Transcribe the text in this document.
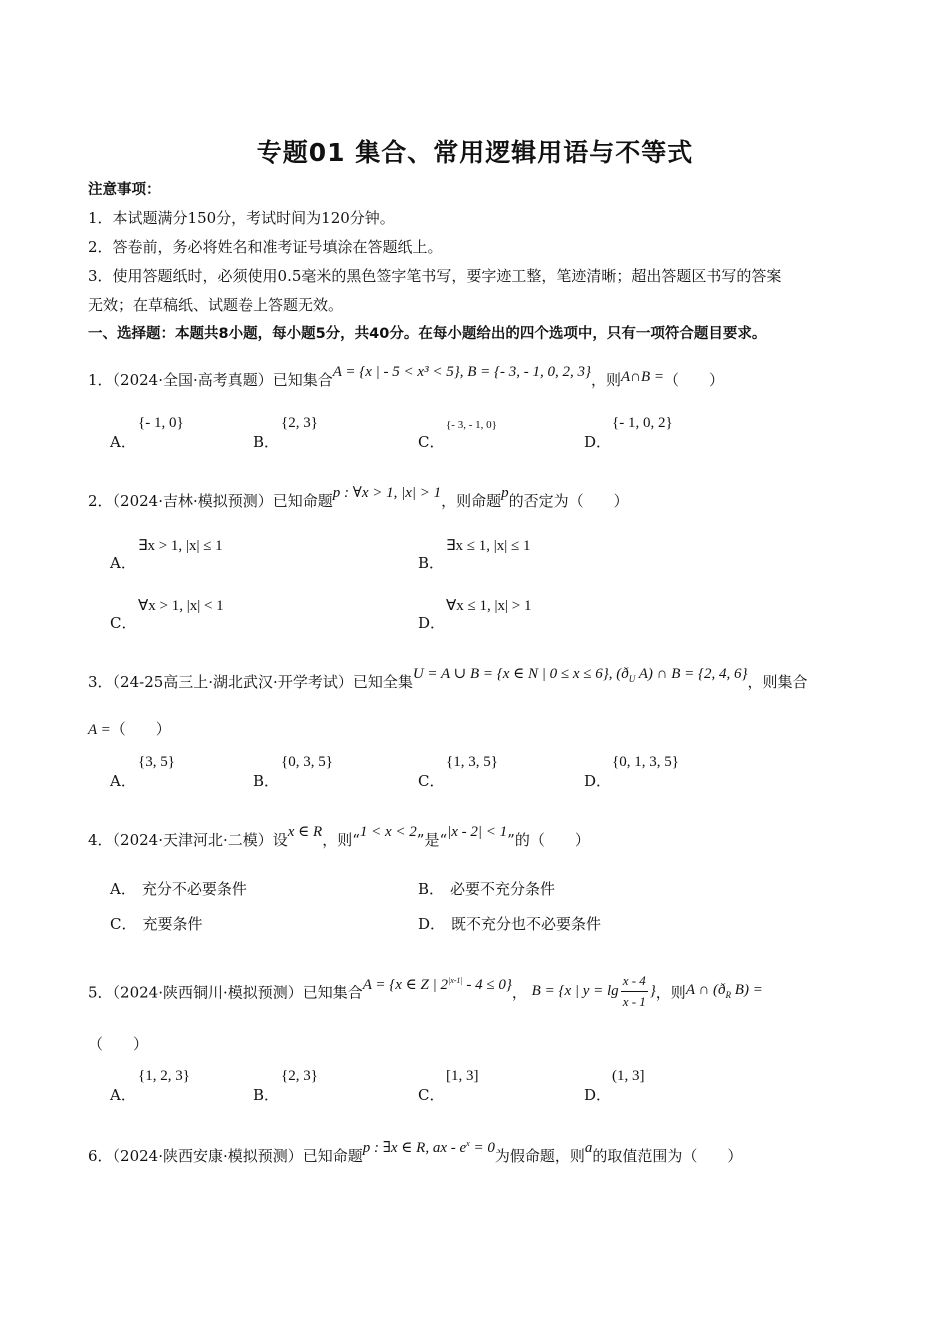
专题01 集合、常用逻辑用语与不等式
注意事项：
1．本试题满分150分，考试时间为120分钟。
2．答卷前，务必将姓名和准考证号填涂在答题纸上。
3．使用答题纸时，必须使用0.5毫米的黑色签字笔书写，要字迹工整，笔迹清晰；超出答题区书写的答案
无效；在草稿纸、试题卷上答题无效。
一、选择题：本题共8小题，每小题5分，共40分。在每小题给出的四个选项中，只有一项符合题目要求。
1．（2024·全国·高考真题）已知集合A = {x | - 5 < x³ < 5}, B = {- 3, - 1, 0, 2, 3}，则A∩B =（　　）
A．
{- 1, 0}
B．
{2, 3}
C．
{- 3, - 1, 0}
D．
{- 1, 0, 2}
2．（2024·吉林·模拟预测）已知命题p : ∀x > 1, |x| > 1，则命题p的否定为（　　）
A．
∃x > 1, |x| ≤ 1
B．
∃x ≤ 1, |x| ≤ 1
C．
∀x > 1, |x| < 1
D．
∀x ≤ 1, |x| > 1
3．（24-25高三上·湖北武汉·开学考试）已知全集U = A ∪ B = {x ∈ N | 0 ≤ x ≤ 6}, ($ð_U$ A) ∩ B = {2, 4, 6}，则集合
A =（　　）
A．
{3, 5}
B．
{0, 3, 5}
C．
{1, 3, 5}
D．
{0, 1, 3, 5}
4．（2024·天津河北·二模）设x ∈ R，则“1 < x < 2”是“|x - 2| < 1”的（　　）
A． 充分不必要条件	B． 必要不充分条件
C． 充要条件	D． 既不充分也不必要条件
5．（2024·陕西铜川·模拟预测）已知集合A = {x ∈ Z | $2^{|x-1|} - 4 \le 0$}， B = {x | $y = \lg \frac{x - 4}{x - 1}$ }，则A ∩ ($ð_R$ B) =
（　　）
A．
{1, 2, 3}
B．
{2, 3}
C．
[1, 3]
D．
(1, 3]
6．（2024·陕西安康·模拟预测）已知命题p : ∃x ∈ R, ax - $e^x = 0$为假命题，则a的取值范围为（　　）
